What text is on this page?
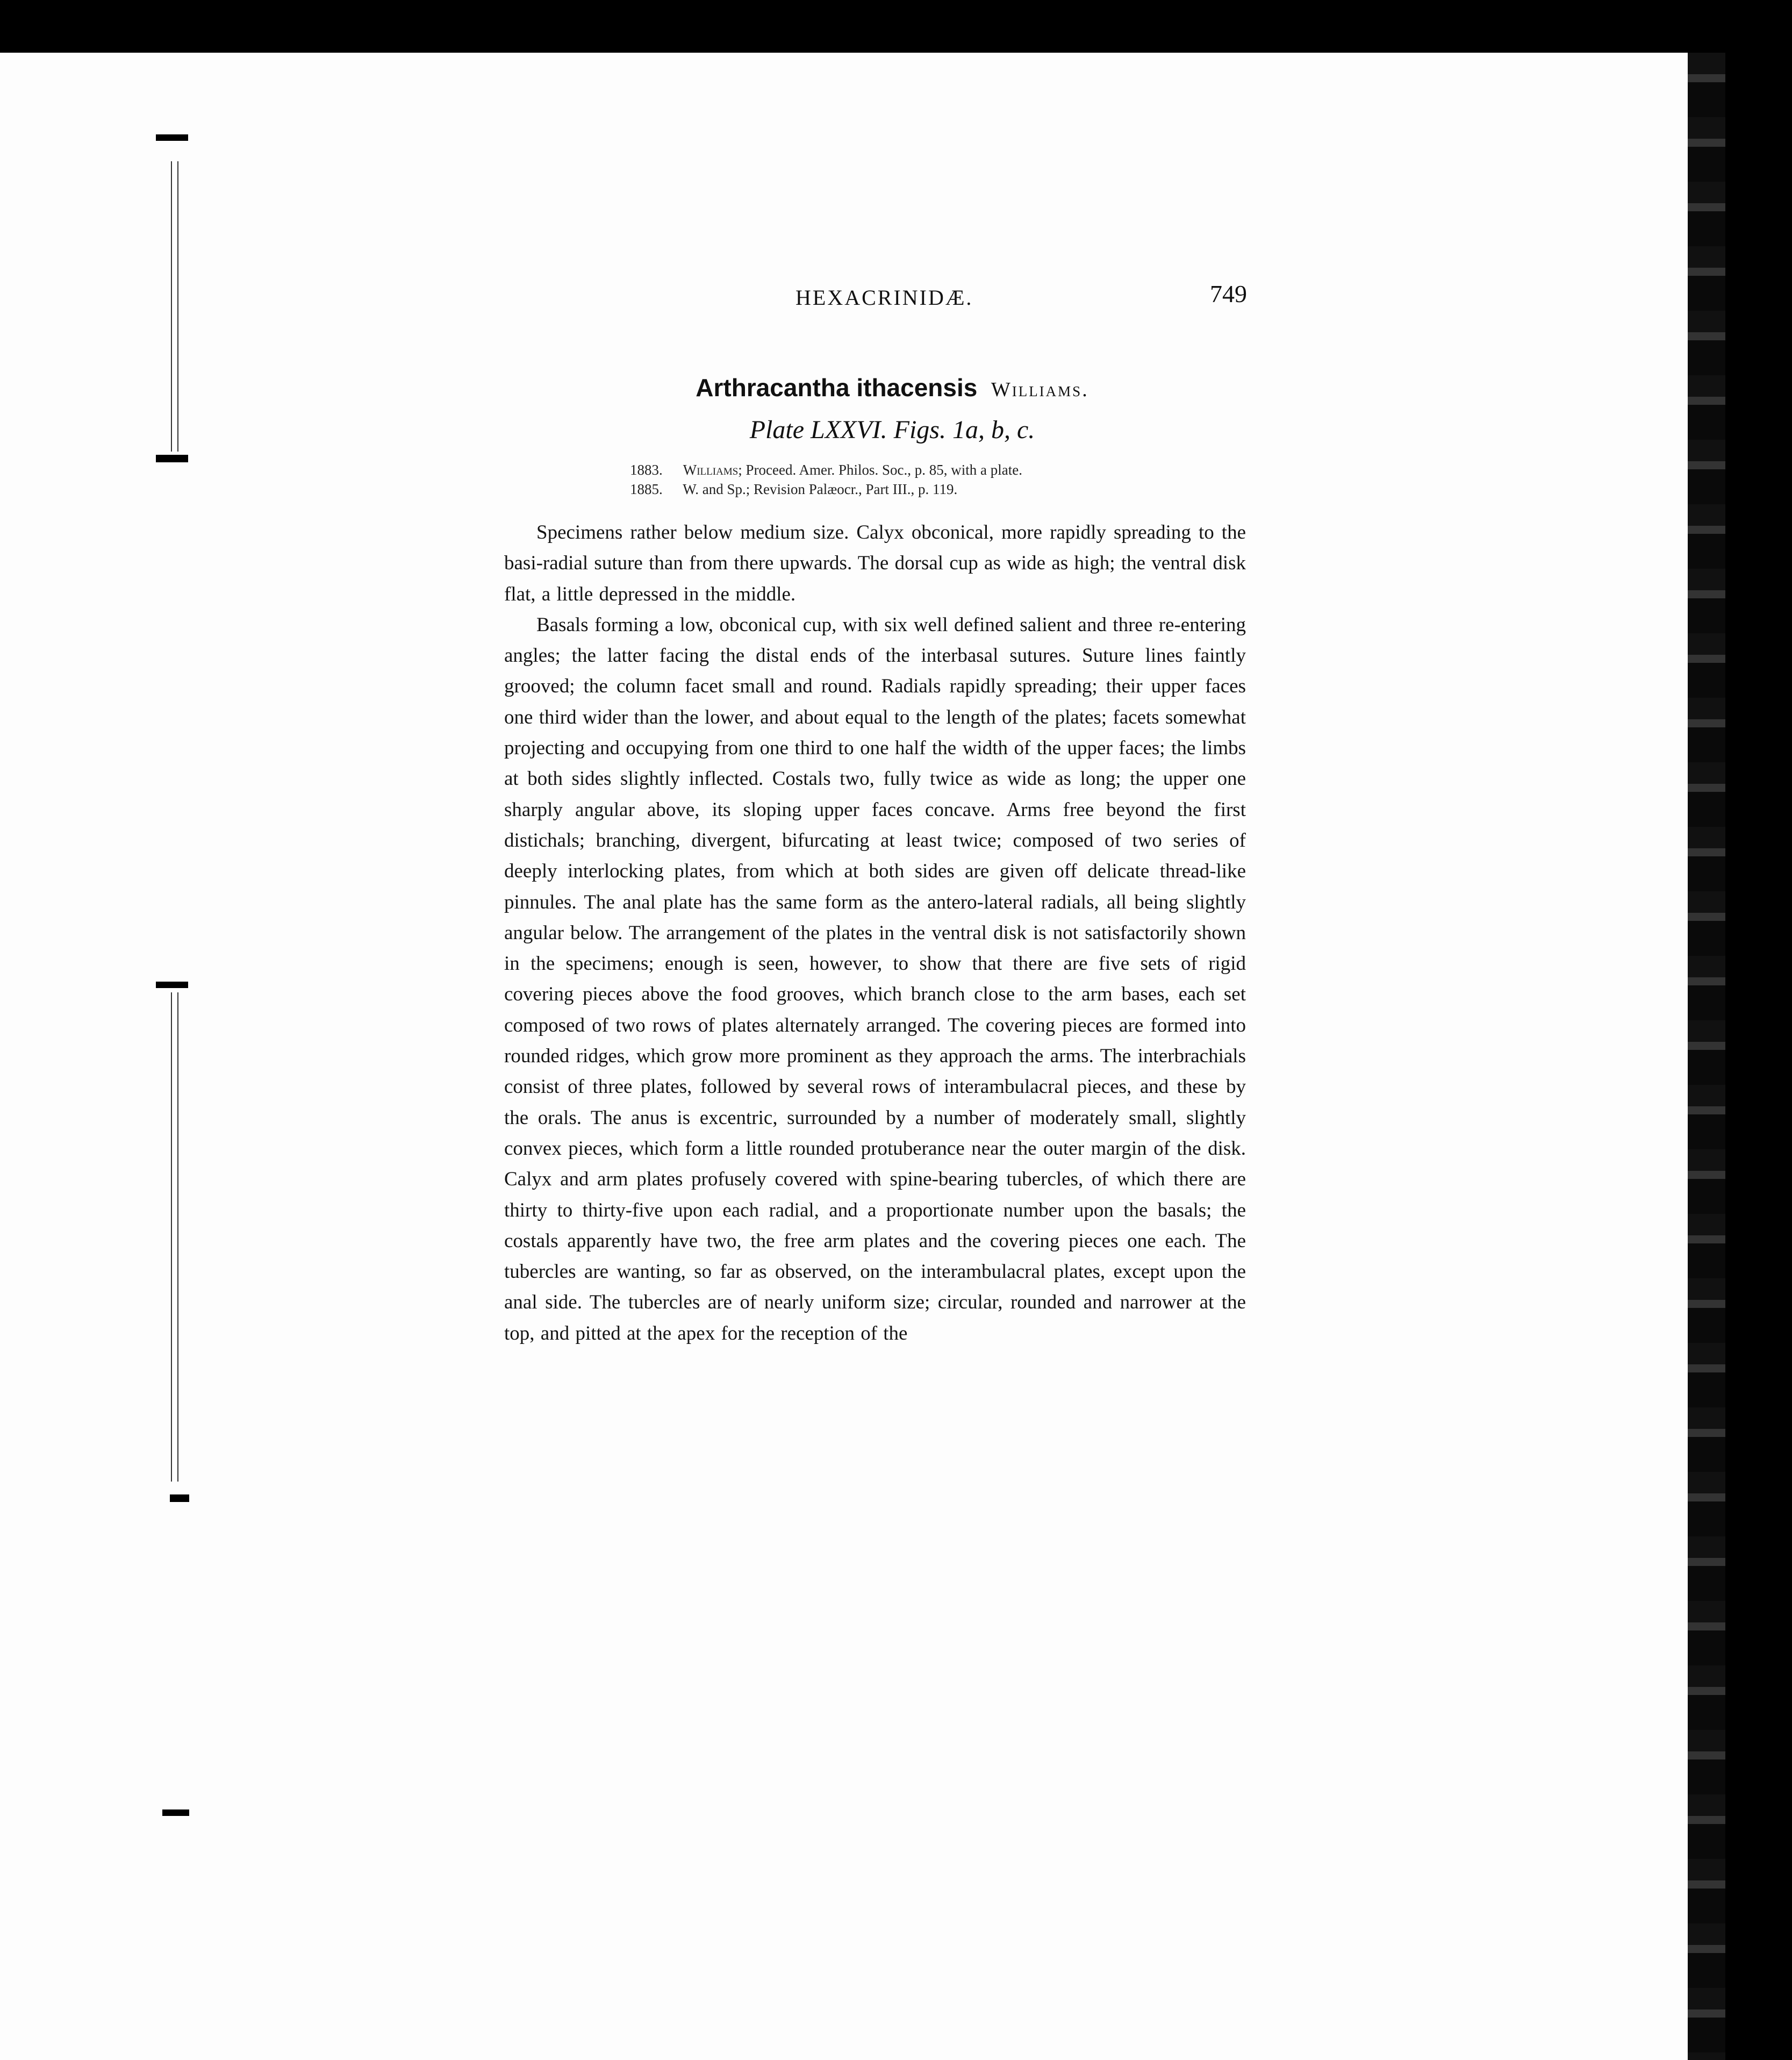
HEXACRINIDÆ.	749
Arthracantha ithacensis Williams.
Plate LXXVI. Figs. 1a, b, c.
1883. Williams; Proceed. Amer. Philos. Soc., p. 85, with a plate.
1885. W. and Sp.; Revision Palæocr., Part III., p. 119.

Specimens rather below medium size. Calyx obconical, more rapidly spreading to the basi-radial suture than from there upwards. The dorsal cup as wide as high; the ventral disk flat, a little depressed in the middle.

Basals forming a low, obconical cup, with six well defined salient and three re-entering angles; the latter facing the distal ends of the interbasal sutures. Suture lines faintly grooved; the column facet small and round. Radials rapidly spreading; their upper faces one third wider than the lower, and about equal to the length of the plates; facets somewhat projecting and occupying from one third to one half the width of the upper faces; the limbs at both sides slightly inflected. Costals two, fully twice as wide as long; the upper one sharply angular above, its sloping upper faces concave. Arms free beyond the first distichals; branching, divergent, bifurcating at least twice; composed of two series of deeply interlocking plates, from which at both sides are given off delicate thread-like pinnules. The anal plate has the same form as the antero-lateral radials, all being slightly angular below. The arrangement of the plates in the ventral disk is not satisfactorily shown in the specimens; enough is seen, however, to show that there are five sets of rigid covering pieces above the food grooves, which branch close to the arm bases, each set composed of two rows of plates alternately arranged. The covering pieces are formed into rounded ridges, which grow more prominent as they approach the arms. The interbrachials consist of three plates, followed by several rows of interambulacral pieces, and these by the orals. The anus is excentric, surrounded by a number of moderately small, slightly convex pieces, which form a little rounded protuberance near the outer margin of the disk. Calyx and arm plates profusely covered with spine-bearing tubercles, of which there are thirty to thirty-five upon each radial, and a proportionate number upon the basals; the costals apparently have two, the free arm plates and the covering pieces one each. The tubercles are wanting, so far as observed, on the interambulacral plates, except upon the anal side. The tubercles are of nearly uniform size; circular, rounded and narrower at the top, and pitted at the apex for the reception of the
